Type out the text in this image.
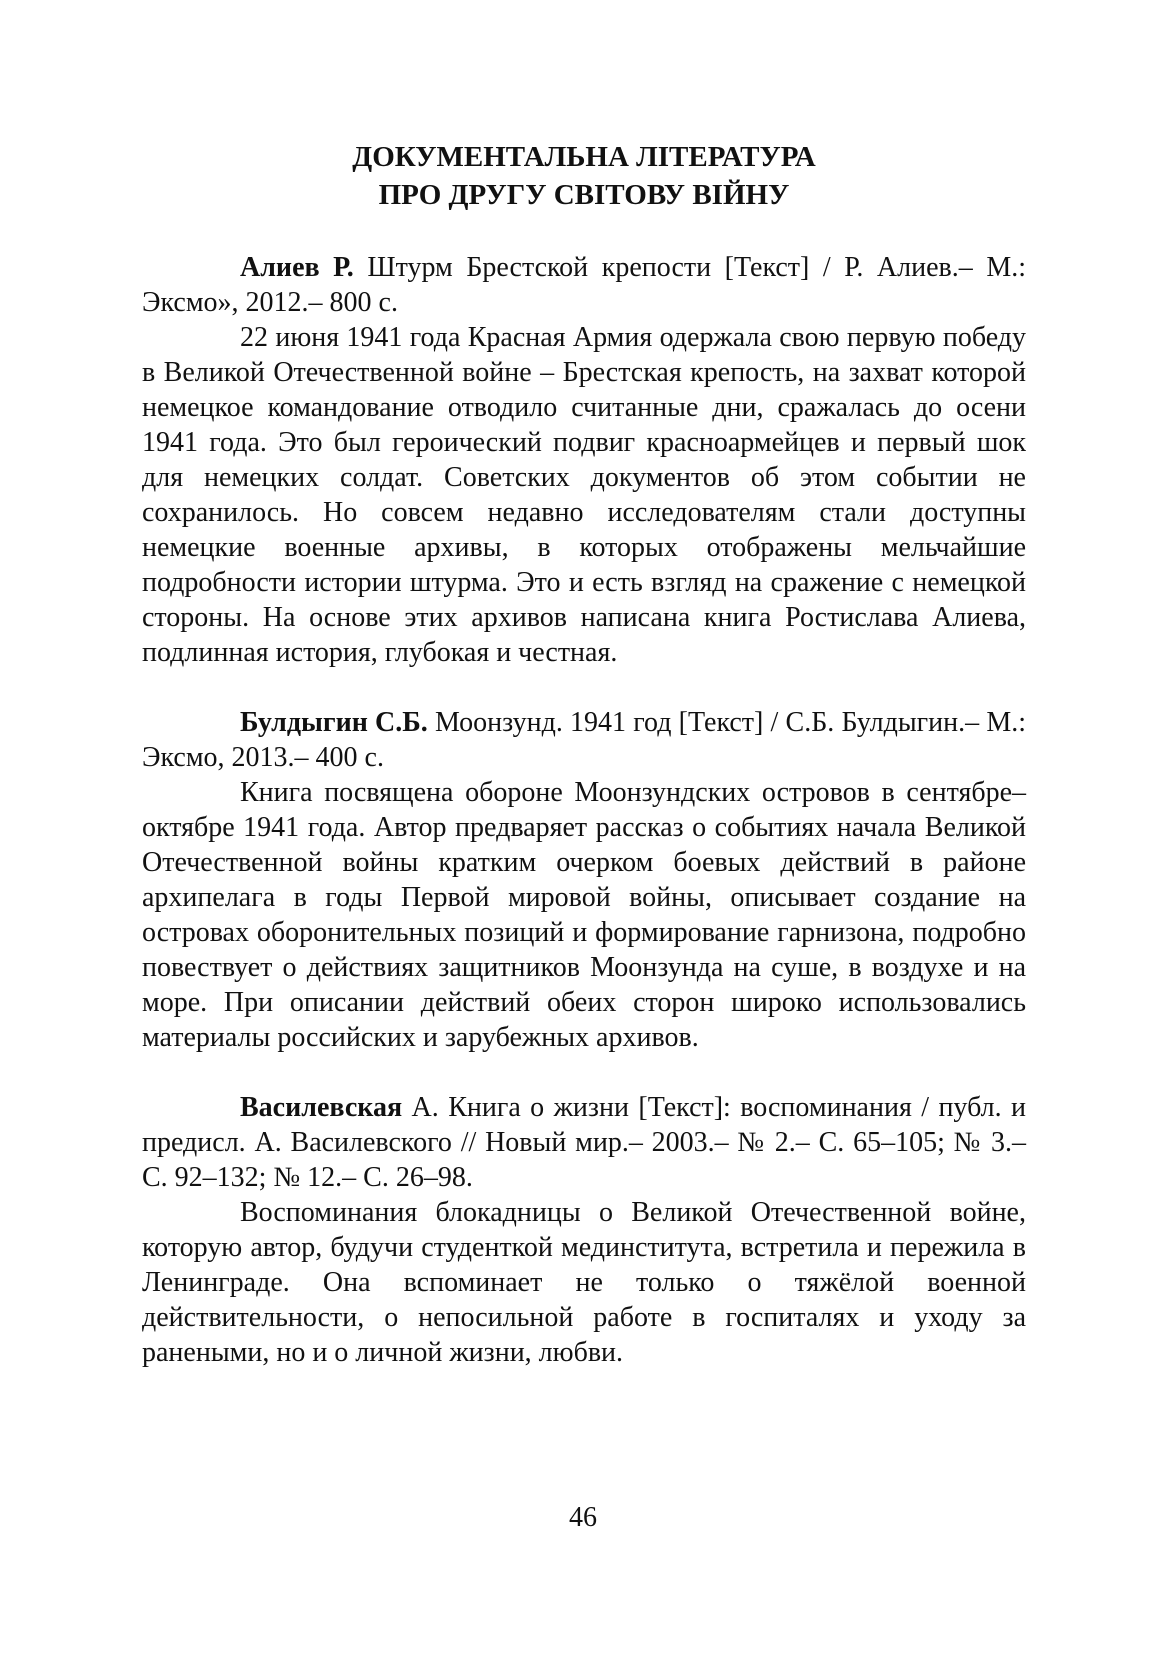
ДОКУМЕНТАЛЬНА ЛІТЕРАТУРА
ПРО ДРУГУ СВІТОВУ ВІЙНУ

Алиев Р. Штурм Брестской крепости [Текст] / Р. Алиев.– М.: Эксмо», 2012.– 800 с.

22 июня 1941 года Красная Армия одержала свою первую победу в Великой Отечественной войне – Брестская крепость, на захват которой немецкое командование отводило считанные дни, сражалась до осени 1941 года. Это был героический подвиг красноармейцев и первый шок для немецких солдат. Советских документов об этом событии не сохранилось. Но совсем недавно исследователям стали доступны немецкие военные архивы, в которых отображены мельчайшие подробности истории штурма. Это и есть взгляд на сражение с немецкой стороны. На основе этих архивов написана книга Ростислава Алиева, подлинная история, глубокая и честная.

Булдыгин С.Б. Моонзунд. 1941 год [Текст] / С.Б. Булдыгин.– М.: Эксмо, 2013.– 400 с.

Книга посвящена обороне Моонзундских островов в сентябре–октябре 1941 года. Автор предваряет рассказ о событиях начала Великой Отечественной войны кратким очерком боевых действий в районе архипелага в годы Первой мировой войны, описывает создание на островах оборонительных позиций и формирование гарнизона, подробно повествует о действиях защитников Моонзунда на суше, в воздухе и на море. При описании действий обеих сторон широко использовались материалы российских и зарубежных архивов.

Василевская А. Книга о жизни [Текст]: воспоминания / публ. и предисл. А. Василевского // Новый мир.– 2003.– № 2.– С. 65–105; № 3.– С. 92–132; № 12.– С. 26–98.

Воспоминания блокадницы о Великой Отечественной войне, которую автор, будучи студенткой мединститута, встретила и пережила в Ленинграде. Она вспоминает не только о тяжёлой военной действительности, о непосильной работе в госпиталях и уходу за ранеными, но и о личной жизни, любви.

46
